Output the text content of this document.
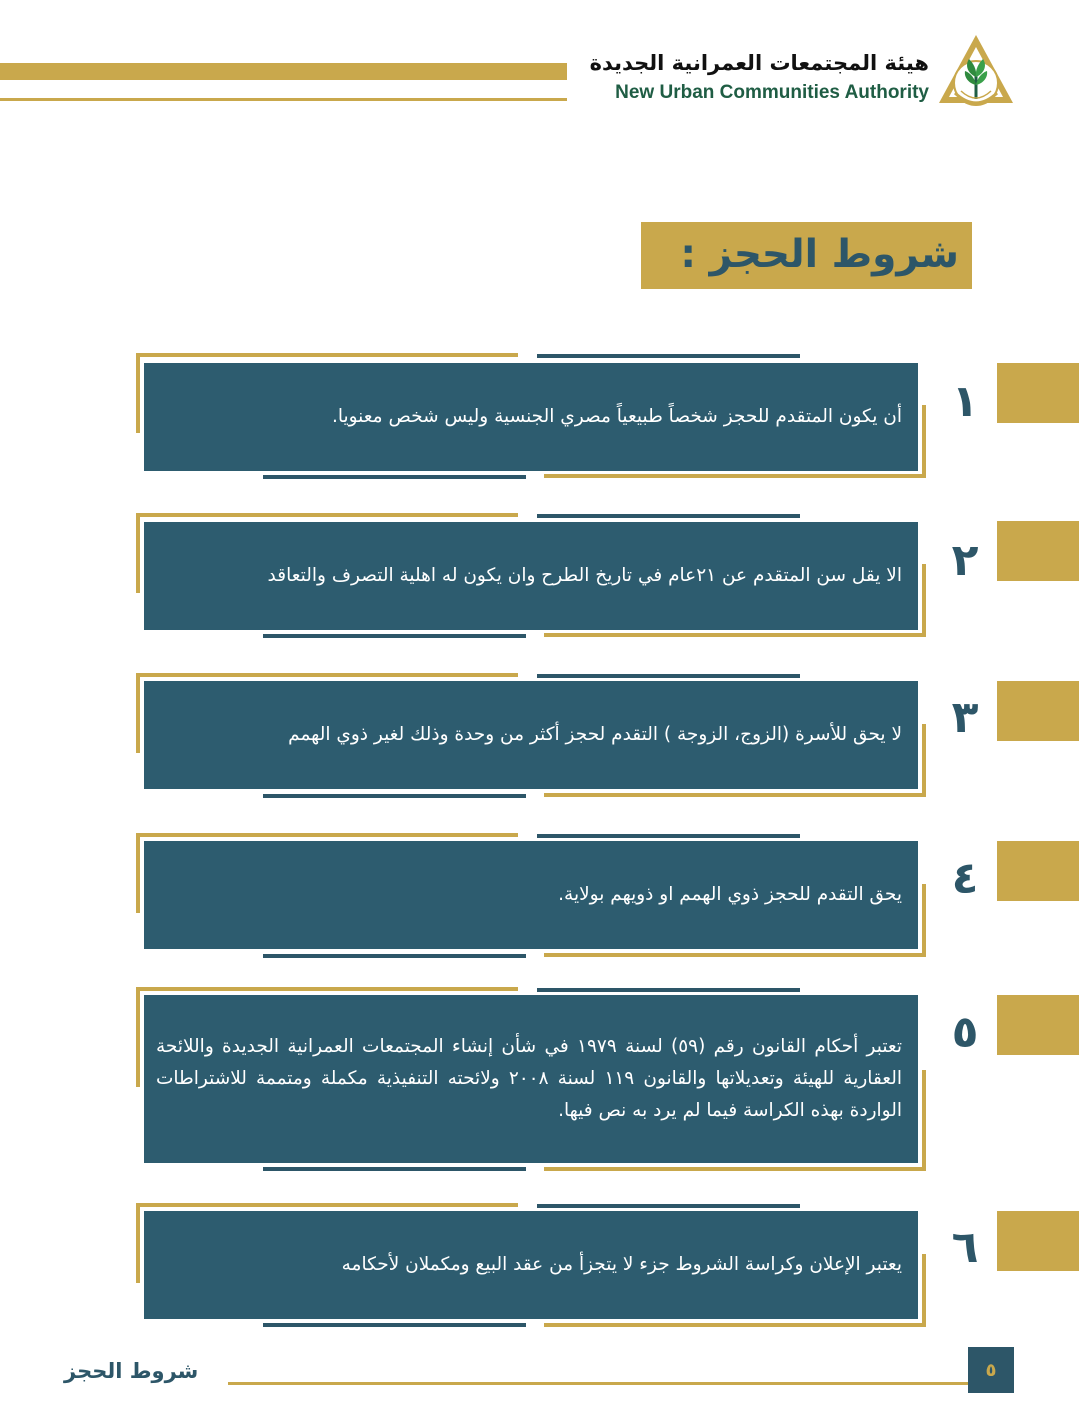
هيئة المجتمعات العمرانية الجديدة
New Urban Communities Authority
شروط الحجز :
أن يكون المتقدم للحجز شخصاً طبيعياً مصري الجنسية وليس شخص معنويا. ١
الا يقل سن المتقدم عن ٢١عام في تاريخ الطرح وان يكون له اهلية التصرف والتعاقد ٢
لا يحق للأسرة (الزوج، الزوجة ) التقدم لحجز أكثر من وحدة وذلك لغير ذوي الهمم ٣
يحق التقدم للحجز ذوي الهمم او ذويهم بولاية. ٤
تعتبر أحكام القانون رقم (٥٩) لسنة ١٩٧٩ في شأن إنشاء المجتمعات العمرانية الجديدة واللائحة العقارية للهيئة وتعديلاتها والقانون ١١٩ لسنة ٢٠٠٨ ولائحته التنفيذية مكملة ومتممة للاشتراطات الواردة بهذه الكراسة فيما لم يرد به نص فيها.
٥
يعتبر الإعلان وكراسة الشروط جزء لا يتجزأ من عقد البيع ومكملان لأحكامه ٦
٥
شروط الحجز
